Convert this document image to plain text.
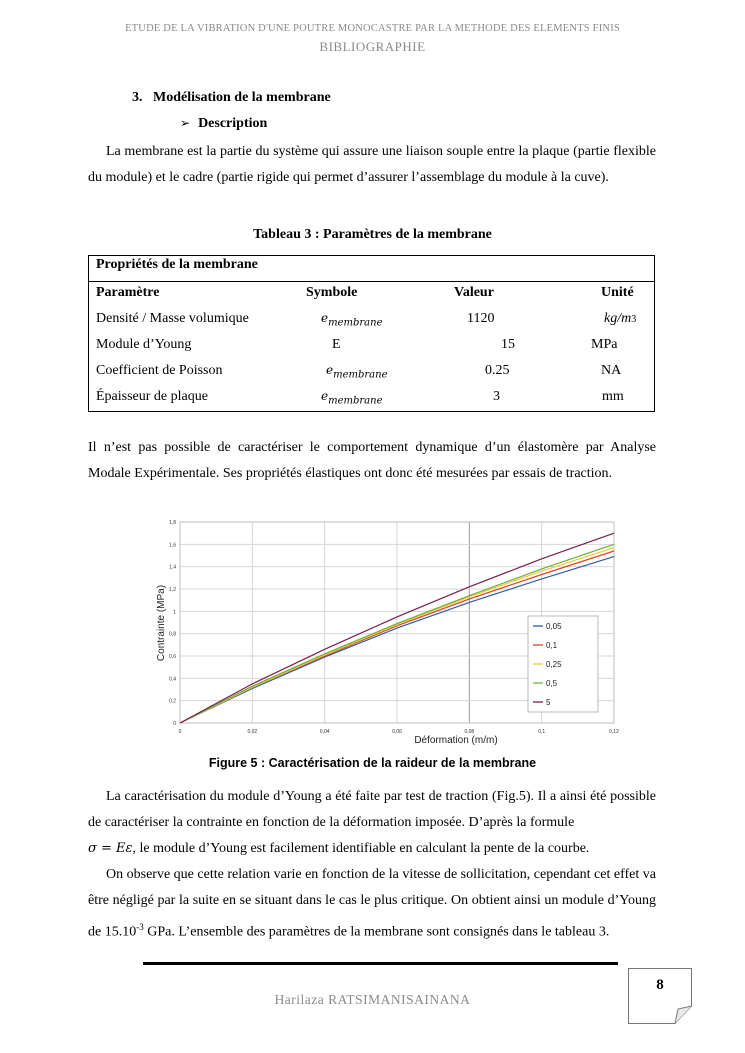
ETUDE DE LA VIBRATION D'UNE POUTRE MONOCASTRE PAR LA METHODE DES ELEMENTS FINIS
BIBLIOGRAPHIE
3.   Modélisation de la membrane
➢ Description

La membrane est la partie du système qui assure une liaison souple entre la plaque (partie flexible du module) et le cadre (partie rigide qui permet d’assurer l’assemblage du module à la cuve).

Tableau 3 : Paramètres de la membrane
Propriétés de la membrane
Paramètre	Symbole	Valeur	Unité
Densité / Masse volumique	$e_{membrane}$	1120	kg/m3
Module d’Young	E	15	MPa
Coefficient de Poisson	$e_{membrane}$	0.25	NA
Épaisseur de plaque	$e_{membrane}$	3	mm

Il n’est pas possible de caractériser le comportement dynamique d’un élastomère par Analyse Modale Expérimentale. Ses propriétés élastiques ont donc été mesurées par essais de traction.

0	0,02	0,04	0,06	0,08	0,1	0,12
0
0,2
0,4
0,6
0,8
1
1,2
1,4
1,6
1,8
0,05
0,1
0,25
0,5
5
Déformation (m/m)
Contrainte (MPa)
Figure 5 : Caractérisation de la raideur de la membrane

La caractérisation du module d’Young a été faite par test de traction (Fig.5). Il a ainsi été possible de caractériser la contrainte en fonction de la déformation imposée. D’après la formule
σ = Eε, le module d’Young est facilement identifiable en calculant la pente de la courbe.

On observe que cette relation varie en fonction de la vitesse de sollicitation, cependant cet effet va être négligé par la suite en se situant dans le cas le plus critique. On obtient ainsi un module d’Young de $15.10^{-3}$ GPa. L’ensemble des paramètres de la membrane sont consignés dans le tableau 3.

Harilaza RATSIMANISAINANA
8
